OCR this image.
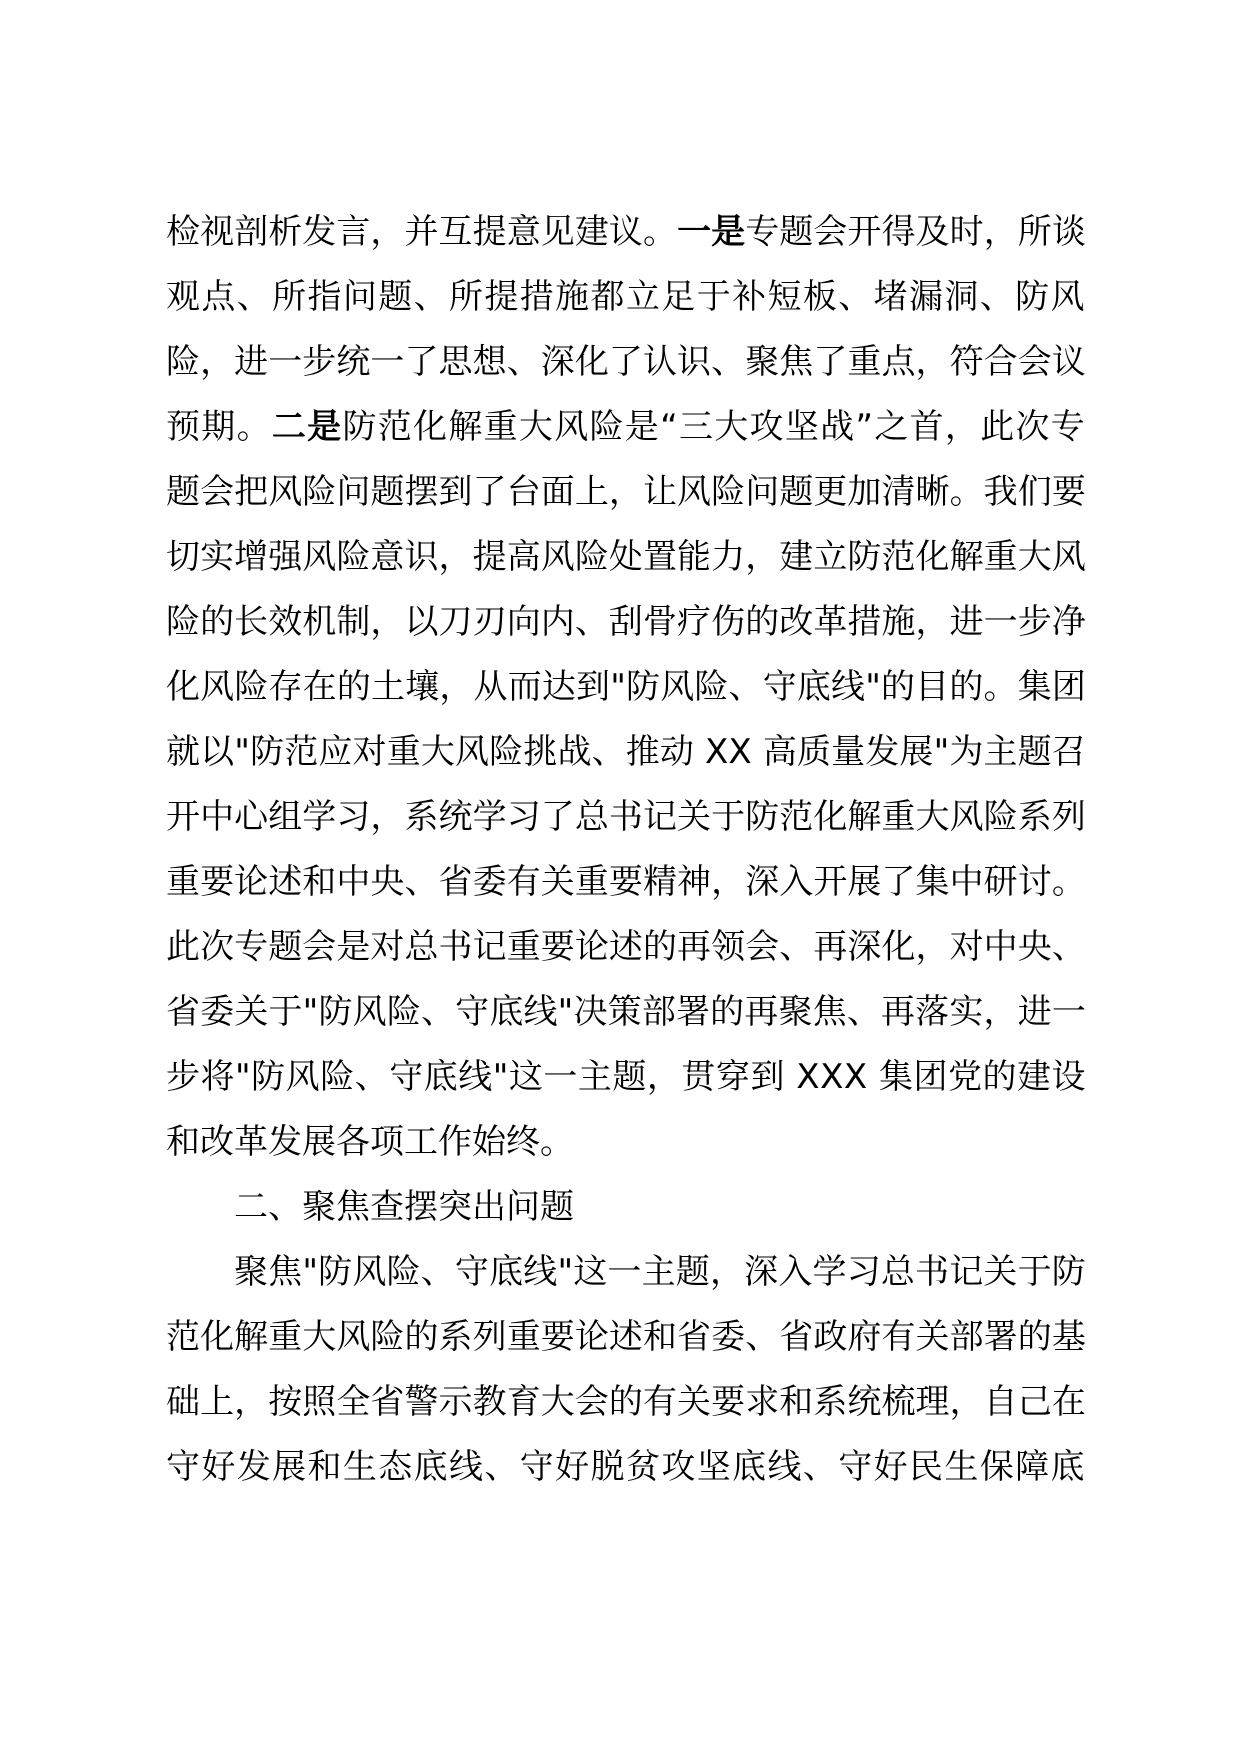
检视剖析发言，并互提意见建议。一是专题会开得及时，所谈
观点、所指问题、所提措施都立足于补短板、堵漏洞、防风
险，进一步统一了思想、深化了认识、聚焦了重点，符合会议
预期。二是防范化解重大风险是“三大攻坚战”之首，此次专
题会把风险问题摆到了台面上，让风险问题更加清晰。我们要
切实增强风险意识，提高风险处置能力，建立防范化解重大风
险的长效机制，以刀刃向内、刮骨疗伤的改革措施，进一步净
化风险存在的土壤，从而达到"防风险、守底线"的目的。集团
就以"防范应对重大风险挑战、推动 XX 高质量发展"为主题召
开中心组学习，系统学习了总书记关于防范化解重大风险系列
重要论述和中央、省委有关重要精神，深入开展了集中研讨。
此次专题会是对总书记重要论述的再领会、再深化，对中央、
省委关于"防风险、守底线"决策部署的再聚焦、再落实，进一
步将"防风险、守底线"这一主题，贯穿到 XXX 集团党的建设
和改革发展各项工作始终。
二、聚焦查摆突出问题
聚焦"防风险、守底线"这一主题，深入学习总书记关于防
范化解重大风险的系列重要论述和省委、省政府有关部署的基
础上，按照全省警示教育大会的有关要求和系统梳理，自己在
守好发展和生态底线、守好脱贫攻坚底线、守好民生保障底
